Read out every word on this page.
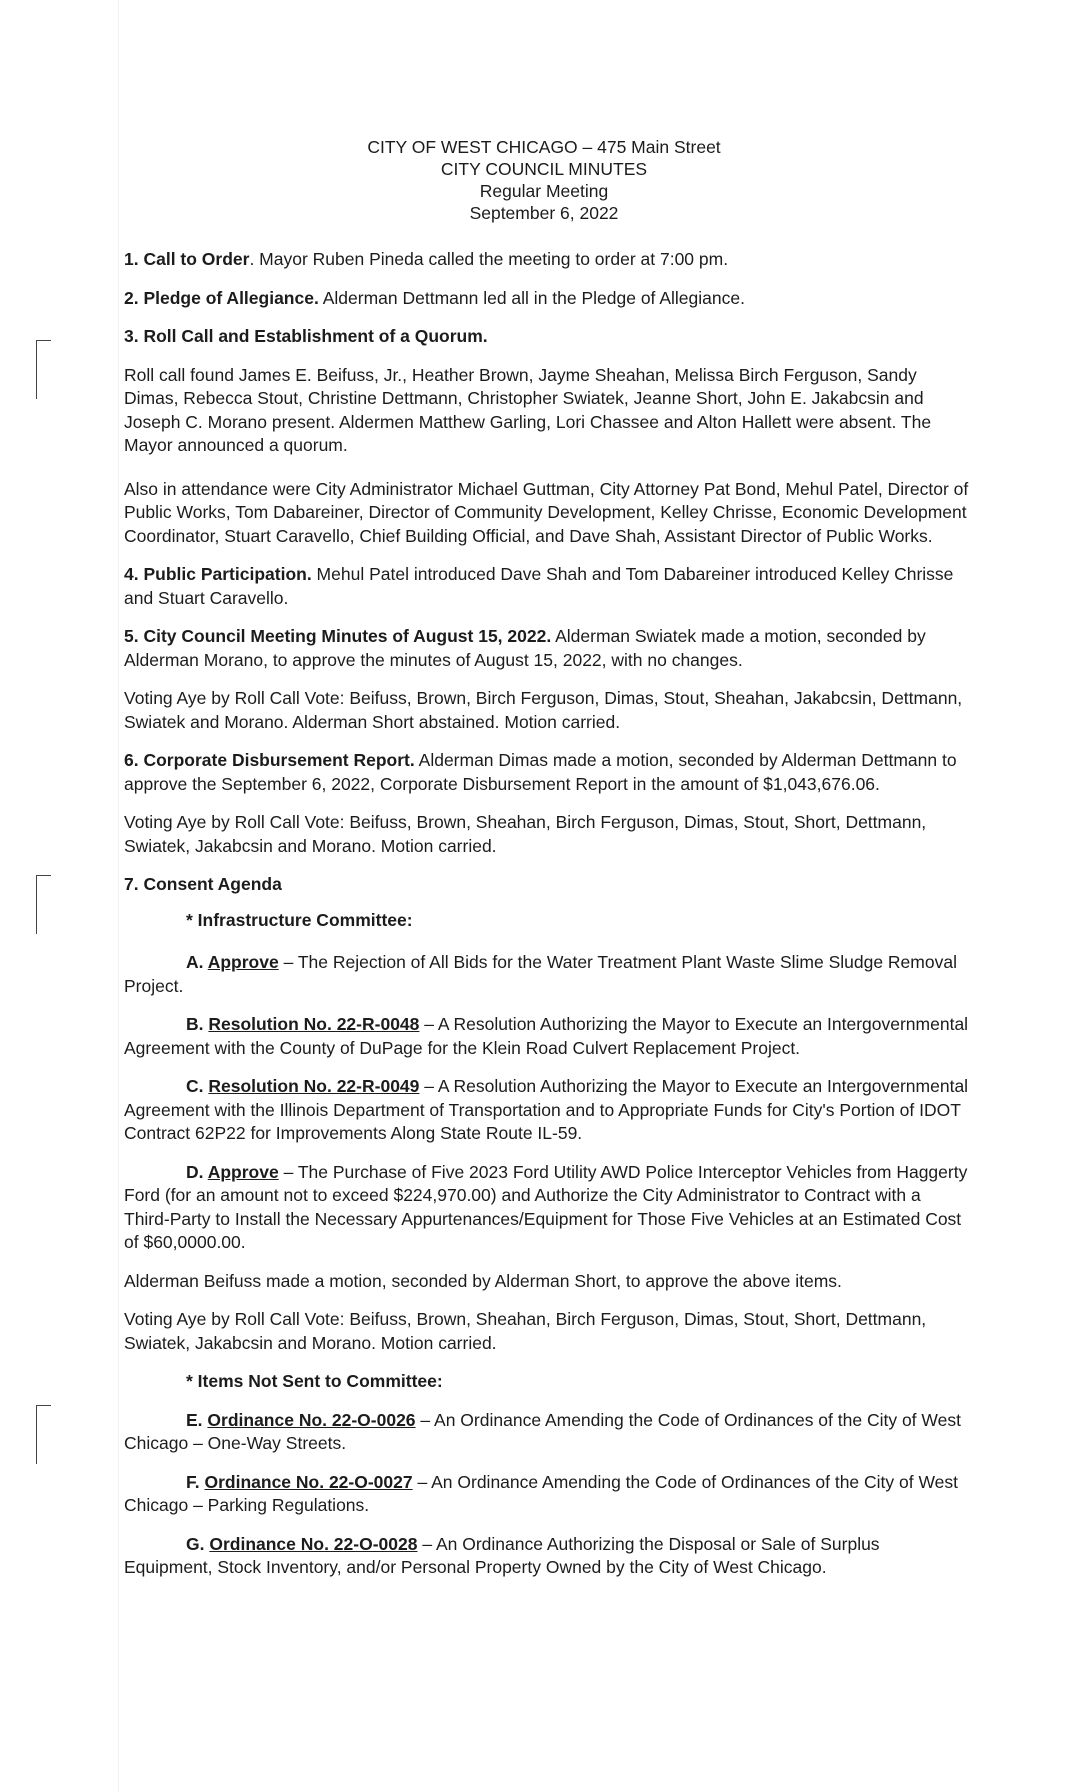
CITY OF WEST CHICAGO – 475 Main Street
CITY COUNCIL MINUTES
Regular Meeting
September 6, 2022

1. Call to Order. Mayor Ruben Pineda called the meeting to order at 7:00 pm.

2. Pledge of Allegiance. Alderman Dettmann led all in the Pledge of Allegiance.

3. Roll Call and Establishment of a Quorum.

Roll call found James E. Beifuss, Jr., Heather Brown, Jayme Sheahan, Melissa Birch Ferguson, Sandy Dimas, Rebecca Stout, Christine Dettmann, Christopher Swiatek, Jeanne Short, John E. Jakabcsin and Joseph C. Morano present. Aldermen Matthew Garling, Lori Chassee and Alton Hallett were absent. The Mayor announced a quorum.

Also in attendance were City Administrator Michael Guttman, City Attorney Pat Bond, Mehul Patel, Director of Public Works, Tom Dabareiner, Director of Community Development, Kelley Chrisse, Economic Development Coordinator, Stuart Caravello, Chief Building Official, and Dave Shah, Assistant Director of Public Works.

4. Public Participation. Mehul Patel introduced Dave Shah and Tom Dabareiner introduced Kelley Chrisse and Stuart Caravello.

5. City Council Meeting Minutes of August 15, 2022. Alderman Swiatek made a motion, seconded by Alderman Morano, to approve the minutes of August 15, 2022, with no changes.

Voting Aye by Roll Call Vote: Beifuss, Brown, Birch Ferguson, Dimas, Stout, Sheahan, Jakabcsin, Dettmann, Swiatek and Morano. Alderman Short abstained. Motion carried.

6. Corporate Disbursement Report. Alderman Dimas made a motion, seconded by Alderman Dettmann to approve the September 6, 2022, Corporate Disbursement Report in the amount of $1,043,676.06.

Voting Aye by Roll Call Vote: Beifuss, Brown, Sheahan, Birch Ferguson, Dimas, Stout, Short, Dettmann, Swiatek, Jakabcsin and Morano. Motion carried.

7. Consent Agenda

* Infrastructure Committee:

A. Approve – The Rejection of All Bids for the Water Treatment Plant Waste Slime Sludge Removal Project.

B. Resolution No. 22-R-0048 – A Resolution Authorizing the Mayor to Execute an Intergovernmental Agreement with the County of DuPage for the Klein Road Culvert Replacement Project.

C. Resolution No. 22-R-0049 – A Resolution Authorizing the Mayor to Execute an Intergovernmental Agreement with the Illinois Department of Transportation and to Appropriate Funds for City's Portion of IDOT Contract 62P22 for Improvements Along State Route IL-59.

D. Approve – The Purchase of Five 2023 Ford Utility AWD Police Interceptor Vehicles from Haggerty Ford (for an amount not to exceed $224,970.00) and Authorize the City Administrator to Contract with a Third-Party to Install the Necessary Appurtenances/Equipment for Those Five Vehicles at an Estimated Cost of $60,0000.00.

Alderman Beifuss made a motion, seconded by Alderman Short, to approve the above items.

Voting Aye by Roll Call Vote: Beifuss, Brown, Sheahan, Birch Ferguson, Dimas, Stout, Short, Dettmann, Swiatek, Jakabcsin and Morano. Motion carried.

* Items Not Sent to Committee:

E. Ordinance No. 22-O-0026 – An Ordinance Amending the Code of Ordinances of the City of West Chicago – One-Way Streets.

F. Ordinance No. 22-O-0027 – An Ordinance Amending the Code of Ordinances of the City of West Chicago – Parking Regulations.

G. Ordinance No. 22-O-0028 – An Ordinance Authorizing the Disposal or Sale of Surplus Equipment, Stock Inventory, and/or Personal Property Owned by the City of West Chicago.
